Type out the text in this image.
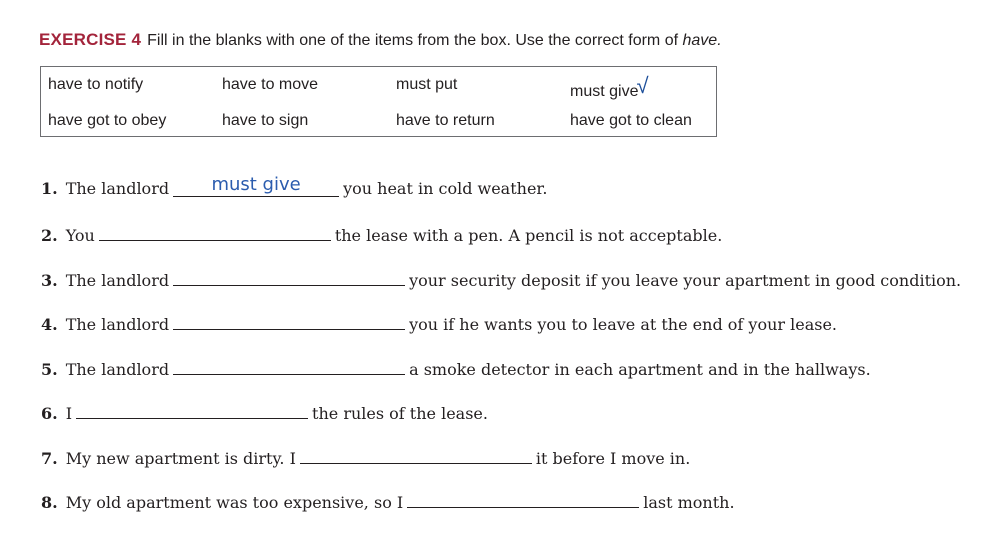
EXERCISE 4 Fill in the blanks with one of the items from the box. Use the correct form of have.
have to notify	have to move	must put	must give√
have got to obey	have to sign	have to return	have got to clean
1. The landlord	must give	you heat in cold weather.
2. You	the lease with a pen. A pencil is not acceptable.
3. The landlord	your security deposit if you leave your apartment in good condition.
4. The landlord	you if he wants you to leave at the end of your lease.
5. The landlord	a smoke detector in each apartment and in the hallways.
6. I	the rules of the lease.
7. My new apartment is dirty. I	it before I move in.
8. My old apartment was too expensive, so I	last month.
